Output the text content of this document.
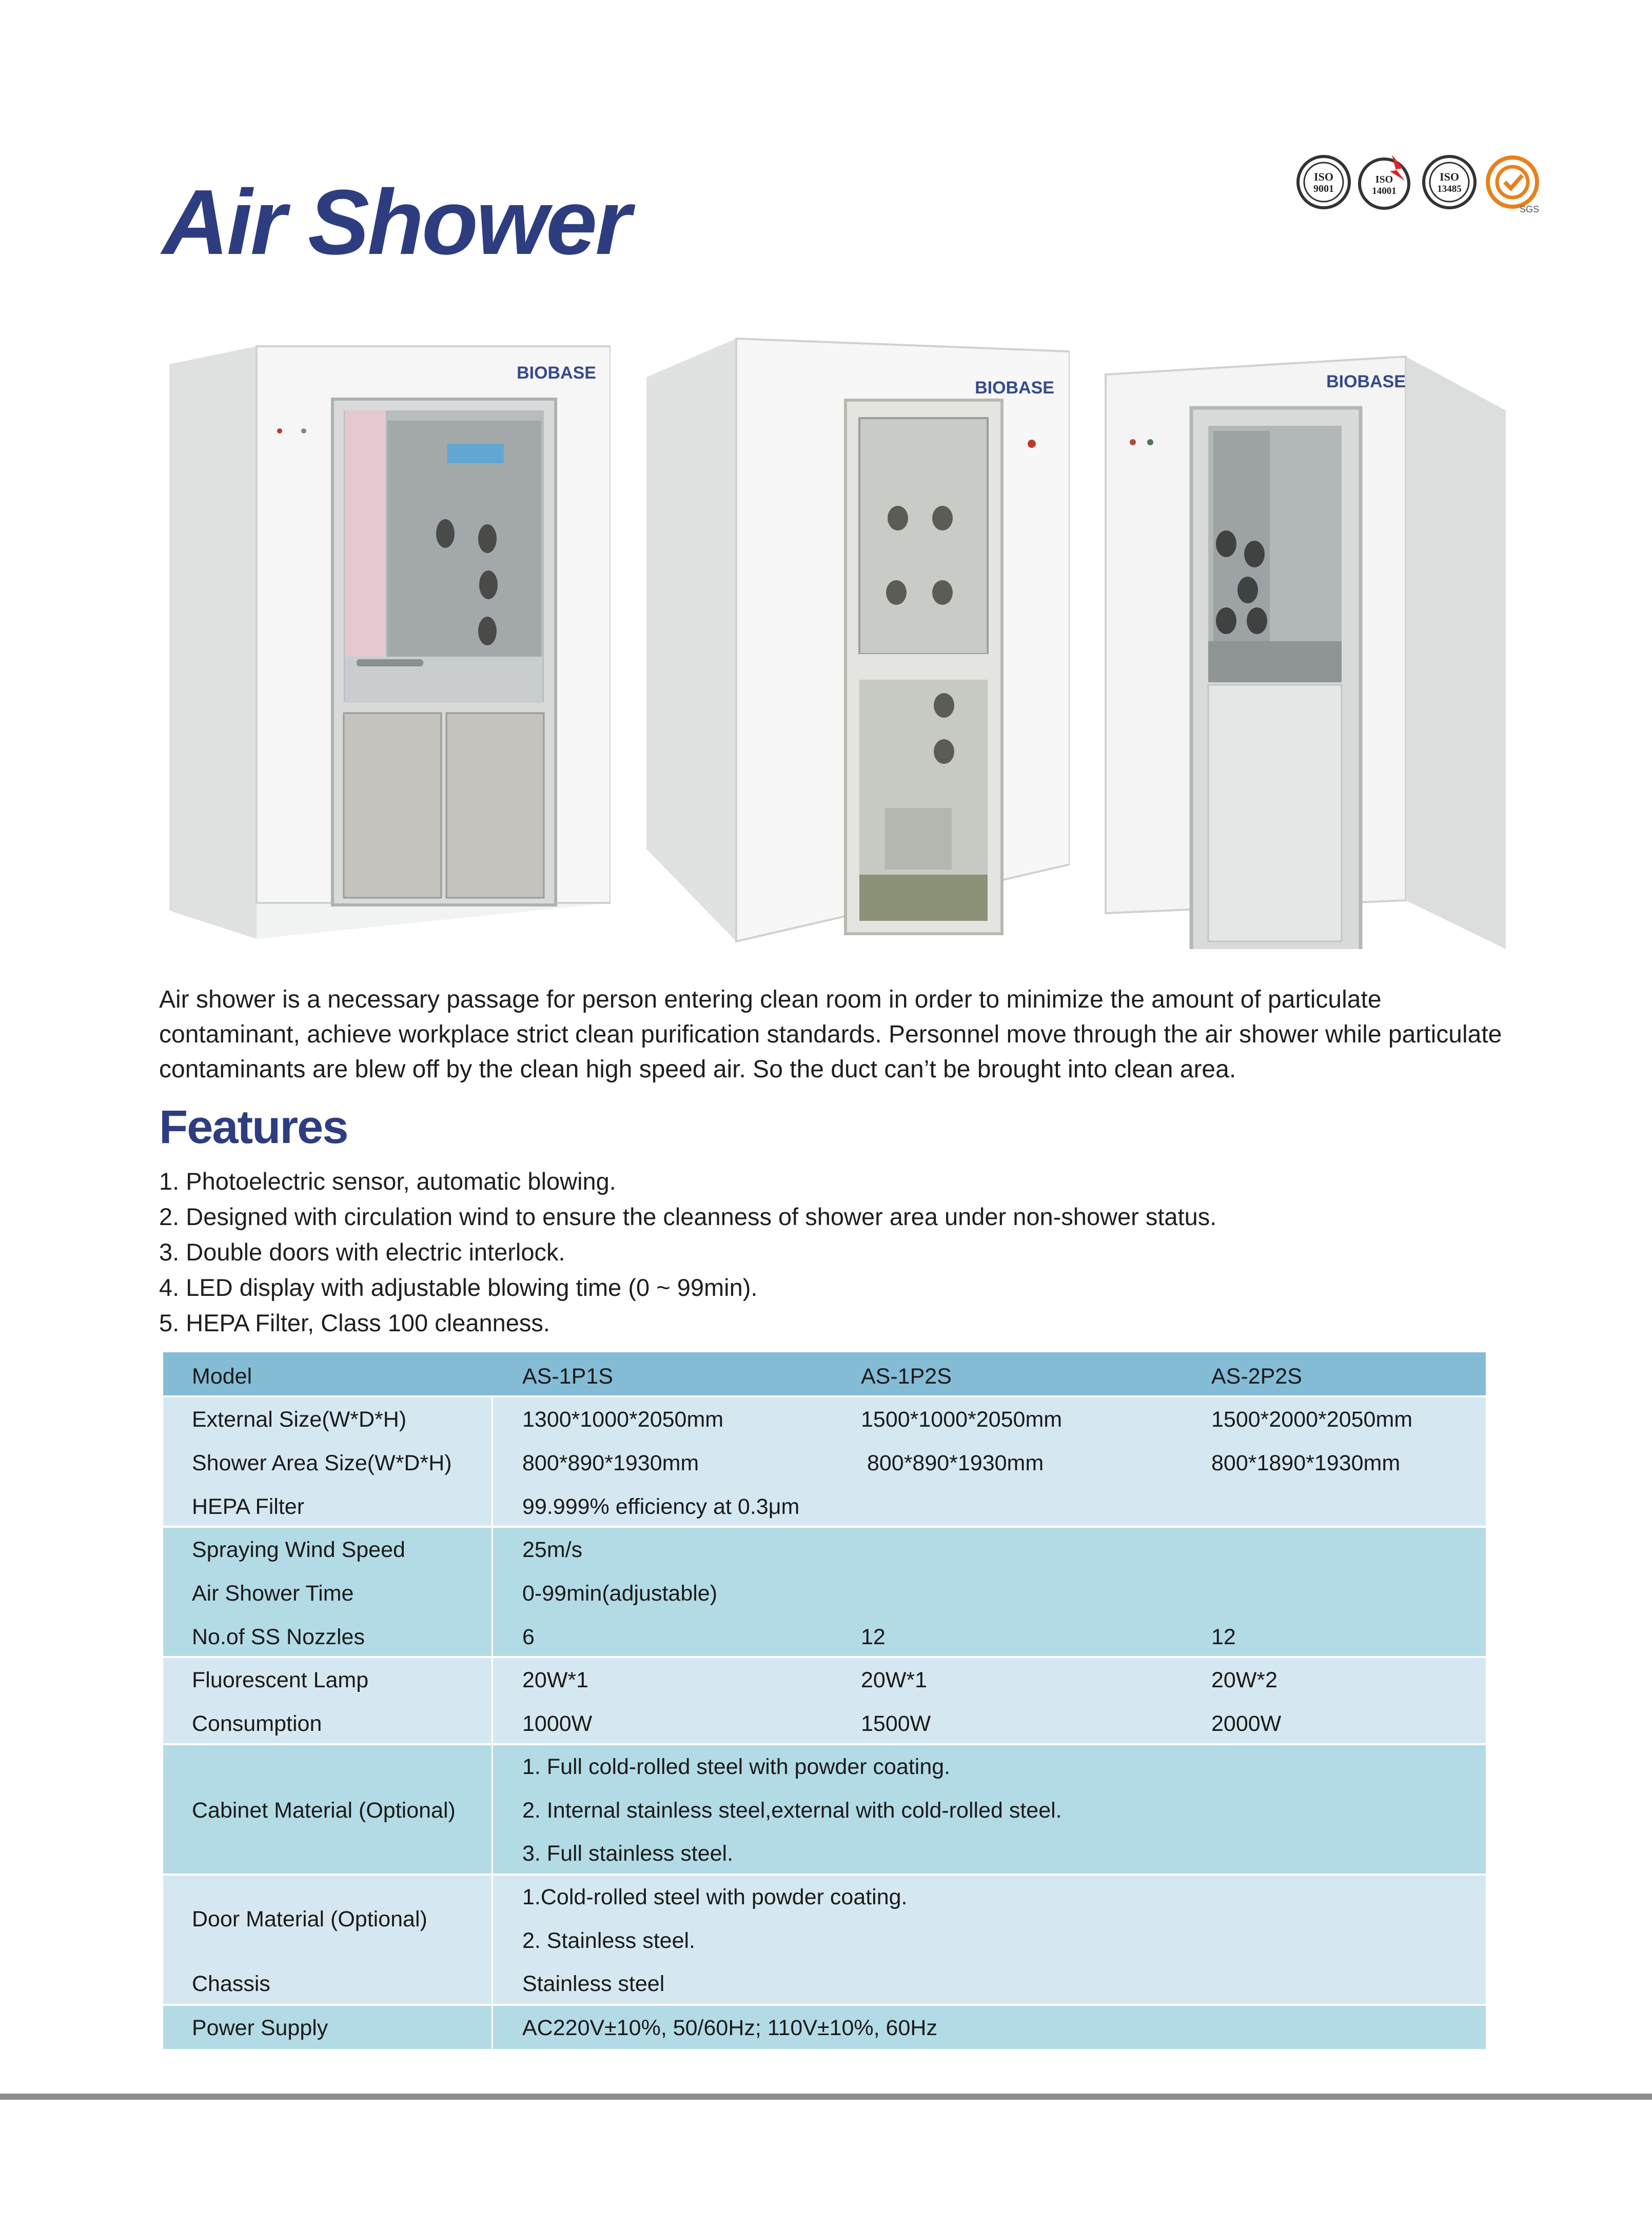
Air Shower	ISO
9001
ISO
14001
ISO
13485
SGS
BIOBASE
BIOBASE	BIOBASE

Air shower is a necessary passage for person entering clean room in order to minimize the amount of particulate contaminant, achieve workplace strict clean purification standards. Personnel move through the air shower while particulate contaminants are blew off by the clean high speed air. So the duct can’t be brought into clean area.

Features
1. Photoelectric sensor, automatic blowing.
2. Designed with circulation wind to ensure the cleanness of shower area under non-shower status.
3. Double doors with electric interlock.
4. LED display with adjustable blowing time (0 ~ 99min).
5. HEPA Filter, Class 100 cleanness.
Model	AS-1P1S	AS-1P2S	AS-2P2S
External Size(W*D*H)	1300*1000*2050mm	1500*1000*2050mm	1500*2000*2050mm
Shower Area Size(W*D*H)	800*890*1930mm	800*890*1930mm	800*1890*1930mm
HEPA Filter	99.999% efficiency at 0.3μm
Spraying Wind Speed	25m/s
Air Shower Time	0-99min(adjustable)
No.of SS Nozzles	6	12	12
Fluorescent Lamp	20W*1	20W*1	20W*2
Consumption	1000W	1500W	2000W
Cabinet Material (Optional)
1. Full cold-rolled steel with powder coating.
2. Internal stainless steel,external with cold-rolled steel.
3. Full stainless steel.
Door Material (Optional)
1.Cold-rolled steel with powder coating.
2. Stainless steel.
Chassis	Stainless steel
Power Supply	AC220V±10%, 50/60Hz; 110V±10%, 60Hz
